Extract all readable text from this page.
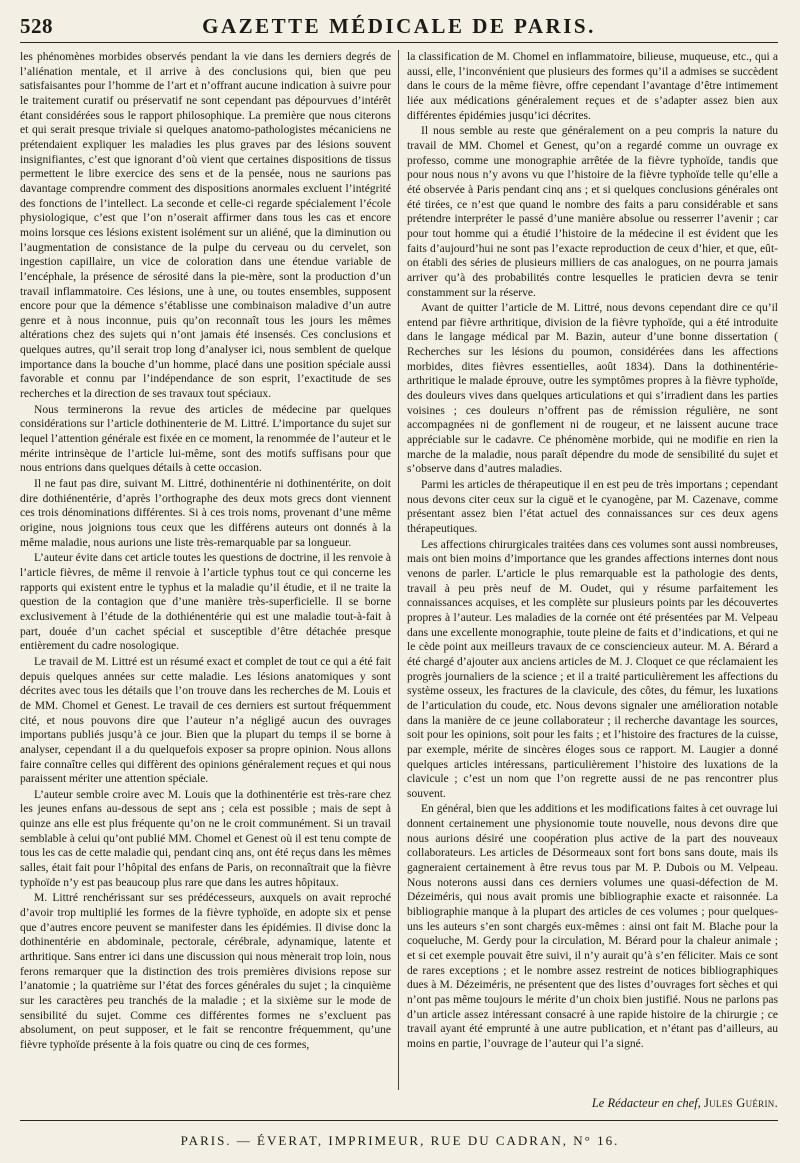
528	GAZETTE MÉDICALE DE PARIS.

les phénomènes morbides observés pendant la vie dans les derniers degrés de l’aliénation mentale, et il arrive à des conclusions qui, bien que peu satisfaisantes pour l’homme de l’art et n’offrant aucune indication à suivre pour le traitement curatif ou préservatif ne sont cependant pas dépourvues d’intérêt étant considérées sous le rapport philosophique. La première que nous citerons et qui serait presque triviale si quelques anatomo-pathologistes mécaniciens ne prétendaient expliquer les maladies les plus graves par des lésions souvent insignifiantes, c’est que ignorant d’où vient que certaines dispositions de tissus permettent le libre exercice des sens et de la pensée, nous ne saurions pas davantage comprendre comment des dispositions anormales excluent l’intégrité des fonctions de l’intellect. La seconde et celle-ci regarde spécialement l’école physiologique, c’est que l’on n’oserait affirmer dans tous les cas et encore moins lorsque ces lésions existent isolément sur un aliéné, que la diminution ou l’augmentation de consistance de la pulpe du cerveau ou du cervelet, son ingestion capillaire, un vice de coloration dans une étendue variable de l’encéphale, la présence de sérosité dans la pie-mère, sont la production d’un travail inflammatoire. Ces lésions, une à une, ou toutes ensembles, supposent encore pour que la démence s’établisse une combinaison maladive d’un autre genre et à nous inconnue, puis qu’on reconnaît tous les jours les mêmes altérations chez des sujets qui n’ont jamais été insensés. Ces conclusions et quelques autres, qu’il serait trop long d’analyser ici, nous semblent de quelque importance dans la bouche d’un homme, placé dans une position spéciale aussi favorable et connu par l’indépendance de son esprit, l’exactitude de ses recherches et la direction de ses travaux tout spéciaux.

Nous terminerons la revue des articles de médecine par quelques considérations sur l’article dothinenterie de M. Littré. L’importance du sujet sur lequel l’attention générale est fixée en ce moment, la renommée de l’auteur et le mérite intrinsèque de l’article lui-même, sont des motifs suffisans pour que nous entrions dans quelques détails à cette occasion.

Il ne faut pas dire, suivant M. Littré, dothinentérie ni dothinentérite, on doit dire dothiénentérie, d’après l’orthographe des deux mots grecs dont viennent ces trois dénominations différentes. Si à ces trois noms, provenant d’une même origine, nous joignions tous ceux que les différens auteurs ont donnés à la même maladie, nous aurions une liste très-remarquable par sa longueur.

L’auteur évite dans cet article toutes les questions de doctrine, il les renvoie à l’article fièvres, de même il renvoie à l’article typhus tout ce qui concerne les rapports qui existent entre le typhus et la maladie qu’il étudie, et il ne traite la question de la contagion que d’une manière très-superficielle. Il se borne exclusivement à l’étude de la dothiénentérie qui est une maladie tout-à-fait à part, douée d’un cachet spécial et susceptible d’être détachée presque entièrement du cadre nosologique.

Le travail de M. Littré est un résumé exact et complet de tout ce qui a été fait depuis quelques années sur cette maladie. Les lésions anatomiques y sont décrites avec tous les détails que l’on trouve dans les recherches de M. Louis et de MM. Chomel et Genest. Le travail de ces derniers est surtout fréquemment cité, et nous pouvons dire que l’auteur n’a négligé aucun des ouvrages importans publiés jusqu’à ce jour. Bien que la plupart du temps il se borne à analyser, cependant il a du quelquefois exposer sa propre opinion. Nous allons faire connaître celles qui diffèrent des opinions généralement reçues et qui nous paraissent mériter une attention spéciale.

L’auteur semble croire avec M. Louis que la dothinentérie est très-rare chez les jeunes enfans au-dessous de sept ans ; cela est possible ; mais de sept à quinze ans elle est plus fréquente qu’on ne le croit communément. Si un travail semblable à celui qu’ont publié MM. Chomel et Genest où il est tenu compte de tous les cas de cette maladie qui, pendant cinq ans, ont été reçus dans les mêmes salles, était fait pour l’hôpital des enfans de Paris, on reconnaîtrait que la fièvre typhoïde n’y est pas beaucoup plus rare que dans les autres hôpitaux.

M. Littré renchérissant sur ses prédécesseurs, auxquels on avait reproché d’avoir trop multiplié les formes de la fièvre typhoïde, en adopte six et pense que d’autres encore peuvent se manifester dans les épidémies. Il divise donc la dothinentérie en abdominale, pectorale, cérébrale, adynamique, latente et arthritique. Sans entrer ici dans une discussion qui nous mènerait trop loin, nous ferons remarquer que la distinction des trois premières divisions repose sur l’anatomie ; la quatrième sur l’état des forces générales du sujet ; la cinquième sur les caractères peu tranchés de la maladie ; et la sixième sur le mode de sensibilité du sujet. Comme ces différentes formes ne s’excluent pas absolument, on peut supposer, et le fait se rencontre fréquemment, qu’une fièvre typhoïde présente à la fois quatre ou cinq de ces formes,

la classification de M. Chomel en inflammatoire, bilieuse, muqueuse, etc., qui a aussi, elle, l’inconvénient que plusieurs des formes qu’il a admises se succèdent dans le cours de la même fièvre, offre cependant l’avantage d’être intimement liée aux médications généralement reçues et de s’adapter assez bien aux différentes épidémies jusqu’ici décrites.

Il nous semble au reste que généralement on a peu compris la nature du travail de MM. Chomel et Genest, qu’on a regardé comme un ouvrage ex professo, comme une monographie arrêtée de la fièvre typhoïde, tandis que pour nous nous n’y avons vu que l’histoire de la fièvre typhoïde telle qu’elle a été observée à Paris pendant cinq ans ; et si quelques conclusions générales ont été tirées, ce n’est que quand le nombre des faits a paru considérable et sans prétendre interpréter le passé d’une manière absolue ou resserrer l’avenir ; car pour tout homme qui a étudié l’histoire de la médecine il est évident que les faits d’aujourd’hui ne sont pas l’exacte reproduction de ceux d’hier, et que, eût-on établi des séries de plusieurs milliers de cas analogues, on ne pourra jamais arriver qu’à des probabilités contre lesquelles le praticien devra se tenir constamment sur la réserve.

Avant de quitter l’article de M. Littré, nous devons cependant dire ce qu’il entend par fièvre arthritique, division de la fièvre typhoïde, qui a été introduite dans le langage médical par M. Bazin, auteur d’une bonne dissertation ( Recherches sur les lésions du poumon, considérées dans les affections morbides, dites fièvres essentielles, août 1834). Dans la dothinentérie-arthritique le malade éprouve, outre les symptômes propres à la fièvre typhoïde, des douleurs vives dans quelques articulations et qui s’irradient dans les parties voisines ; ces douleurs n’offrent pas de rémission régulière, ne sont accompagnées ni de gonflement ni de rougeur, et ne laissent aucune trace appréciable sur le cadavre. Ce phénomène morbide, qui ne modifie en rien la marche de la maladie, nous paraît dépendre du mode de sensibilité du sujet et s’observe dans d’autres maladies.

Parmi les articles de thérapeutique il en est peu de très importans ; cependant nous devons citer ceux sur la ciguë et le cyanogène, par M. Cazenave, comme présentant assez bien l’état actuel des connaissances sur ces deux agens thérapeutiques.

Les affections chirurgicales traitées dans ces volumes sont aussi nombreuses, mais ont bien moins d’importance que les grandes affections internes dont nous venons de parler. L’article le plus remarquable est la pathologie des dents, travail à peu près neuf de M. Oudet, qui y résume parfaitement les connaissances acquises, et les complète sur plusieurs points par les découvertes propres à l’auteur. Les maladies de la cornée ont été présentées par M. Velpeau dans une excellente monographie, toute pleine de faits et d’indications, et qui ne le cède point aux meilleurs travaux de ce consciencieux auteur. M. A. Bérard a été chargé d’ajouter aux anciens articles de M. J. Cloquet ce que réclamaient les progrès journaliers de la science ; et il a traité particulièrement les affections du système osseux, les fractures de la clavicule, des côtes, du fémur, les luxations de l’articulation du coude, etc. Nous devons signaler une amélioration notable dans la manière de ce jeune collaborateur ; il recherche davantage les sources, soit pour les opinions, soit pour les faits ; et l’histoire des fractures de la cuisse, par exemple, mérite de sincères éloges sous ce rapport. M. Laugier a donné quelques articles intéressans, particulièrement l’histoire des luxations de la clavicule ; c’est un nom que l’on regrette aussi de ne pas rencontrer plus souvent.

En général, bien que les additions et les modifications faites à cet ouvrage lui donnent certainement une physionomie toute nouvelle, nous devons dire que nous aurions désiré une coopération plus active de la part des nouveaux collaborateurs. Les articles de Désormeaux sont fort bons sans doute, mais ils gagneraient certainement à être revus tous par M. P. Dubois ou M. Velpeau. Nous noterons aussi dans ces derniers volumes une quasi-défection de M. Dézeiméris, qui nous avait promis une bibliographie exacte et raisonnée. La bibliographie manque à la plupart des articles de ces volumes ; pour quelques-uns les auteurs s’en sont chargés eux-mêmes : ainsi ont fait M. Blache pour la coqueluche, M. Gerdy pour la circulation, M. Bérard pour la chaleur animale ; et si cet exemple pouvait être suivi, il n’y aurait qu’à s’en féliciter. Mais ce sont de rares exceptions ; et le nombre assez restreint de notices bibliographiques dues à M. Dézeiméris, ne présentent que des listes d’ouvrages fort sèches et qui n’ont pas même toujours le mérite d’un choix bien justifié. Nous ne parlons pas d’un article assez intéressant consacré à une rapide histoire de la chirurgie ; ce travail ayant été emprunté à une autre publication, et n’étant pas d’ailleurs, au moins en partie, l’ouvrage de l’auteur qui l’a signé.

Le Rédacteur en chef, Jules Guérin.
PARIS. — ÉVERAT, IMPRIMEUR, RUE DU CADRAN, N° 16.
